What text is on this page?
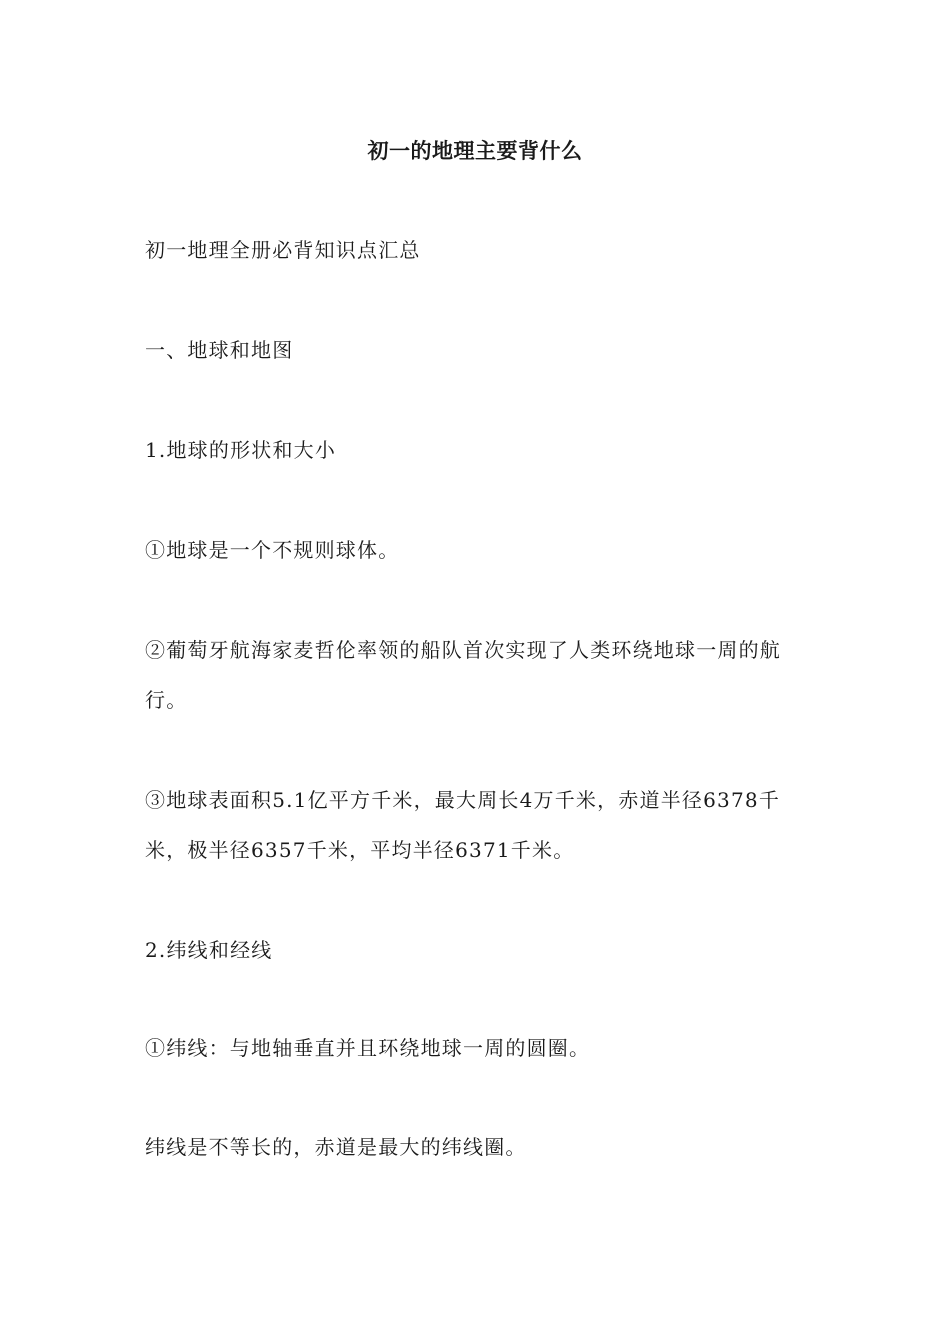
初一的地理主要背什么
初一地理全册必背知识点汇总
一、地球和地图
1.地球的形状和大小
①地球是一个不规则球体。
②葡萄牙航海家麦哲伦率领的船队首次实现了人类环绕地球一周的航行。
③地球表面积5.1亿平方千米，最大周长4万千米，赤道半径6378千米，极半径6357千米，平均半径6371千米。
2.纬线和经线
①纬线：与地轴垂直并且环绕地球一周的圆圈。
纬线是不等长的，赤道是最大的纬线圈。
